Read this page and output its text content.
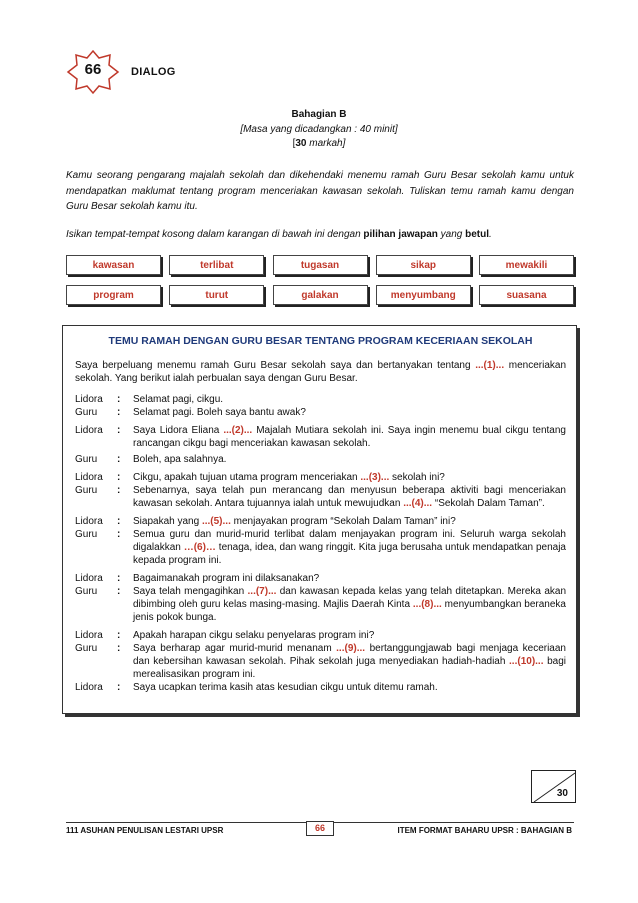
66	DIALOG
Bahagian B
[Masa yang dicadangkan : 40 minit]
[30 markah]
Kamu seorang pengarang majalah sekolah dan dikehendaki menemu ramah Guru Besar sekolah kamu untuk mendapatkan maklumat tentang program menceriakan kawasan sekolah. Tuliskan temu ramah kamu dengan Guru Besar sekolah kamu itu.
Isikan tempat-tempat kosong dalam karangan di bawah ini dengan pilihan jawapan yang betul.
kawasan	terlibat	tugasan	sikap	mewakili
program	turut	galakan	menyumbang	suasana
TEMU RAMAH DENGAN GURU BESAR TENTANG PROGRAM KECERIAAN SEKOLAH
Saya berpeluang menemu ramah Guru Besar sekolah saya dan bertanyakan tentang ...(1)... menceriakan sekolah. Yang berikut ialah perbualan saya dengan Guru Besar.
Lidora	:	Selamat pagi, cikgu.
Guru	:	Selamat pagi. Boleh saya bantu awak?
Lidora	:	Saya Lidora Eliana ...(2)... Majalah Mutiara sekolah ini. Saya ingin menemu bual cikgu tentang rancangan cikgu bagi menceriakan kawasan sekolah.
Guru	:	Boleh, apa salahnya.
Lidora	:	Cikgu, apakah tujuan utama program menceriakan ...(3)... sekolah ini?
Guru	:	Sebenarnya, saya telah pun merancang dan menyusun beberapa aktiviti bagi menceriakan kawasan sekolah. Antara tujuannya ialah untuk mewujudkan ...(4)... “Sekolah Dalam Taman”.
Lidora	:	Siapakah yang ...(5)... menjayakan program “Sekolah Dalam Taman” ini?
Guru	:	Semua guru dan murid-murid terlibat dalam menjayakan program ini. Seluruh warga sekolah digalakkan …(6)… tenaga, idea, dan wang ringgit. Kita juga berusaha untuk mendapatkan penaja kepada program ini.
Lidora	:	Bagaimanakah program ini dilaksanakan?
Guru	:	Saya telah mengagihkan ...(7)... dan kawasan kepada kelas yang telah ditetapkan. Mereka akan dibimbing oleh guru kelas masing-masing. Majlis Daerah Kinta ...(8)... menyumbangkan beraneka jenis pokok bunga.
Lidora	:	Apakah harapan cikgu selaku penyelaras program ini?
Guru	:	Saya berharap agar murid-murid menanam ...(9)... bertanggungjawab bagi menjaga keceriaan dan kebersihan kawasan sekolah. Pihak sekolah juga menyediakan hadiah-hadiah ...(10)... bagi merealisasikan program ini.
Lidora	:	Saya ucapkan terima kasih atas kesudian cikgu untuk ditemu ramah.
30
111 ASUHAN PENULISAN LESTARI UPSR	66	ITEM FORMAT BAHARU UPSR : BAHAGIAN B
